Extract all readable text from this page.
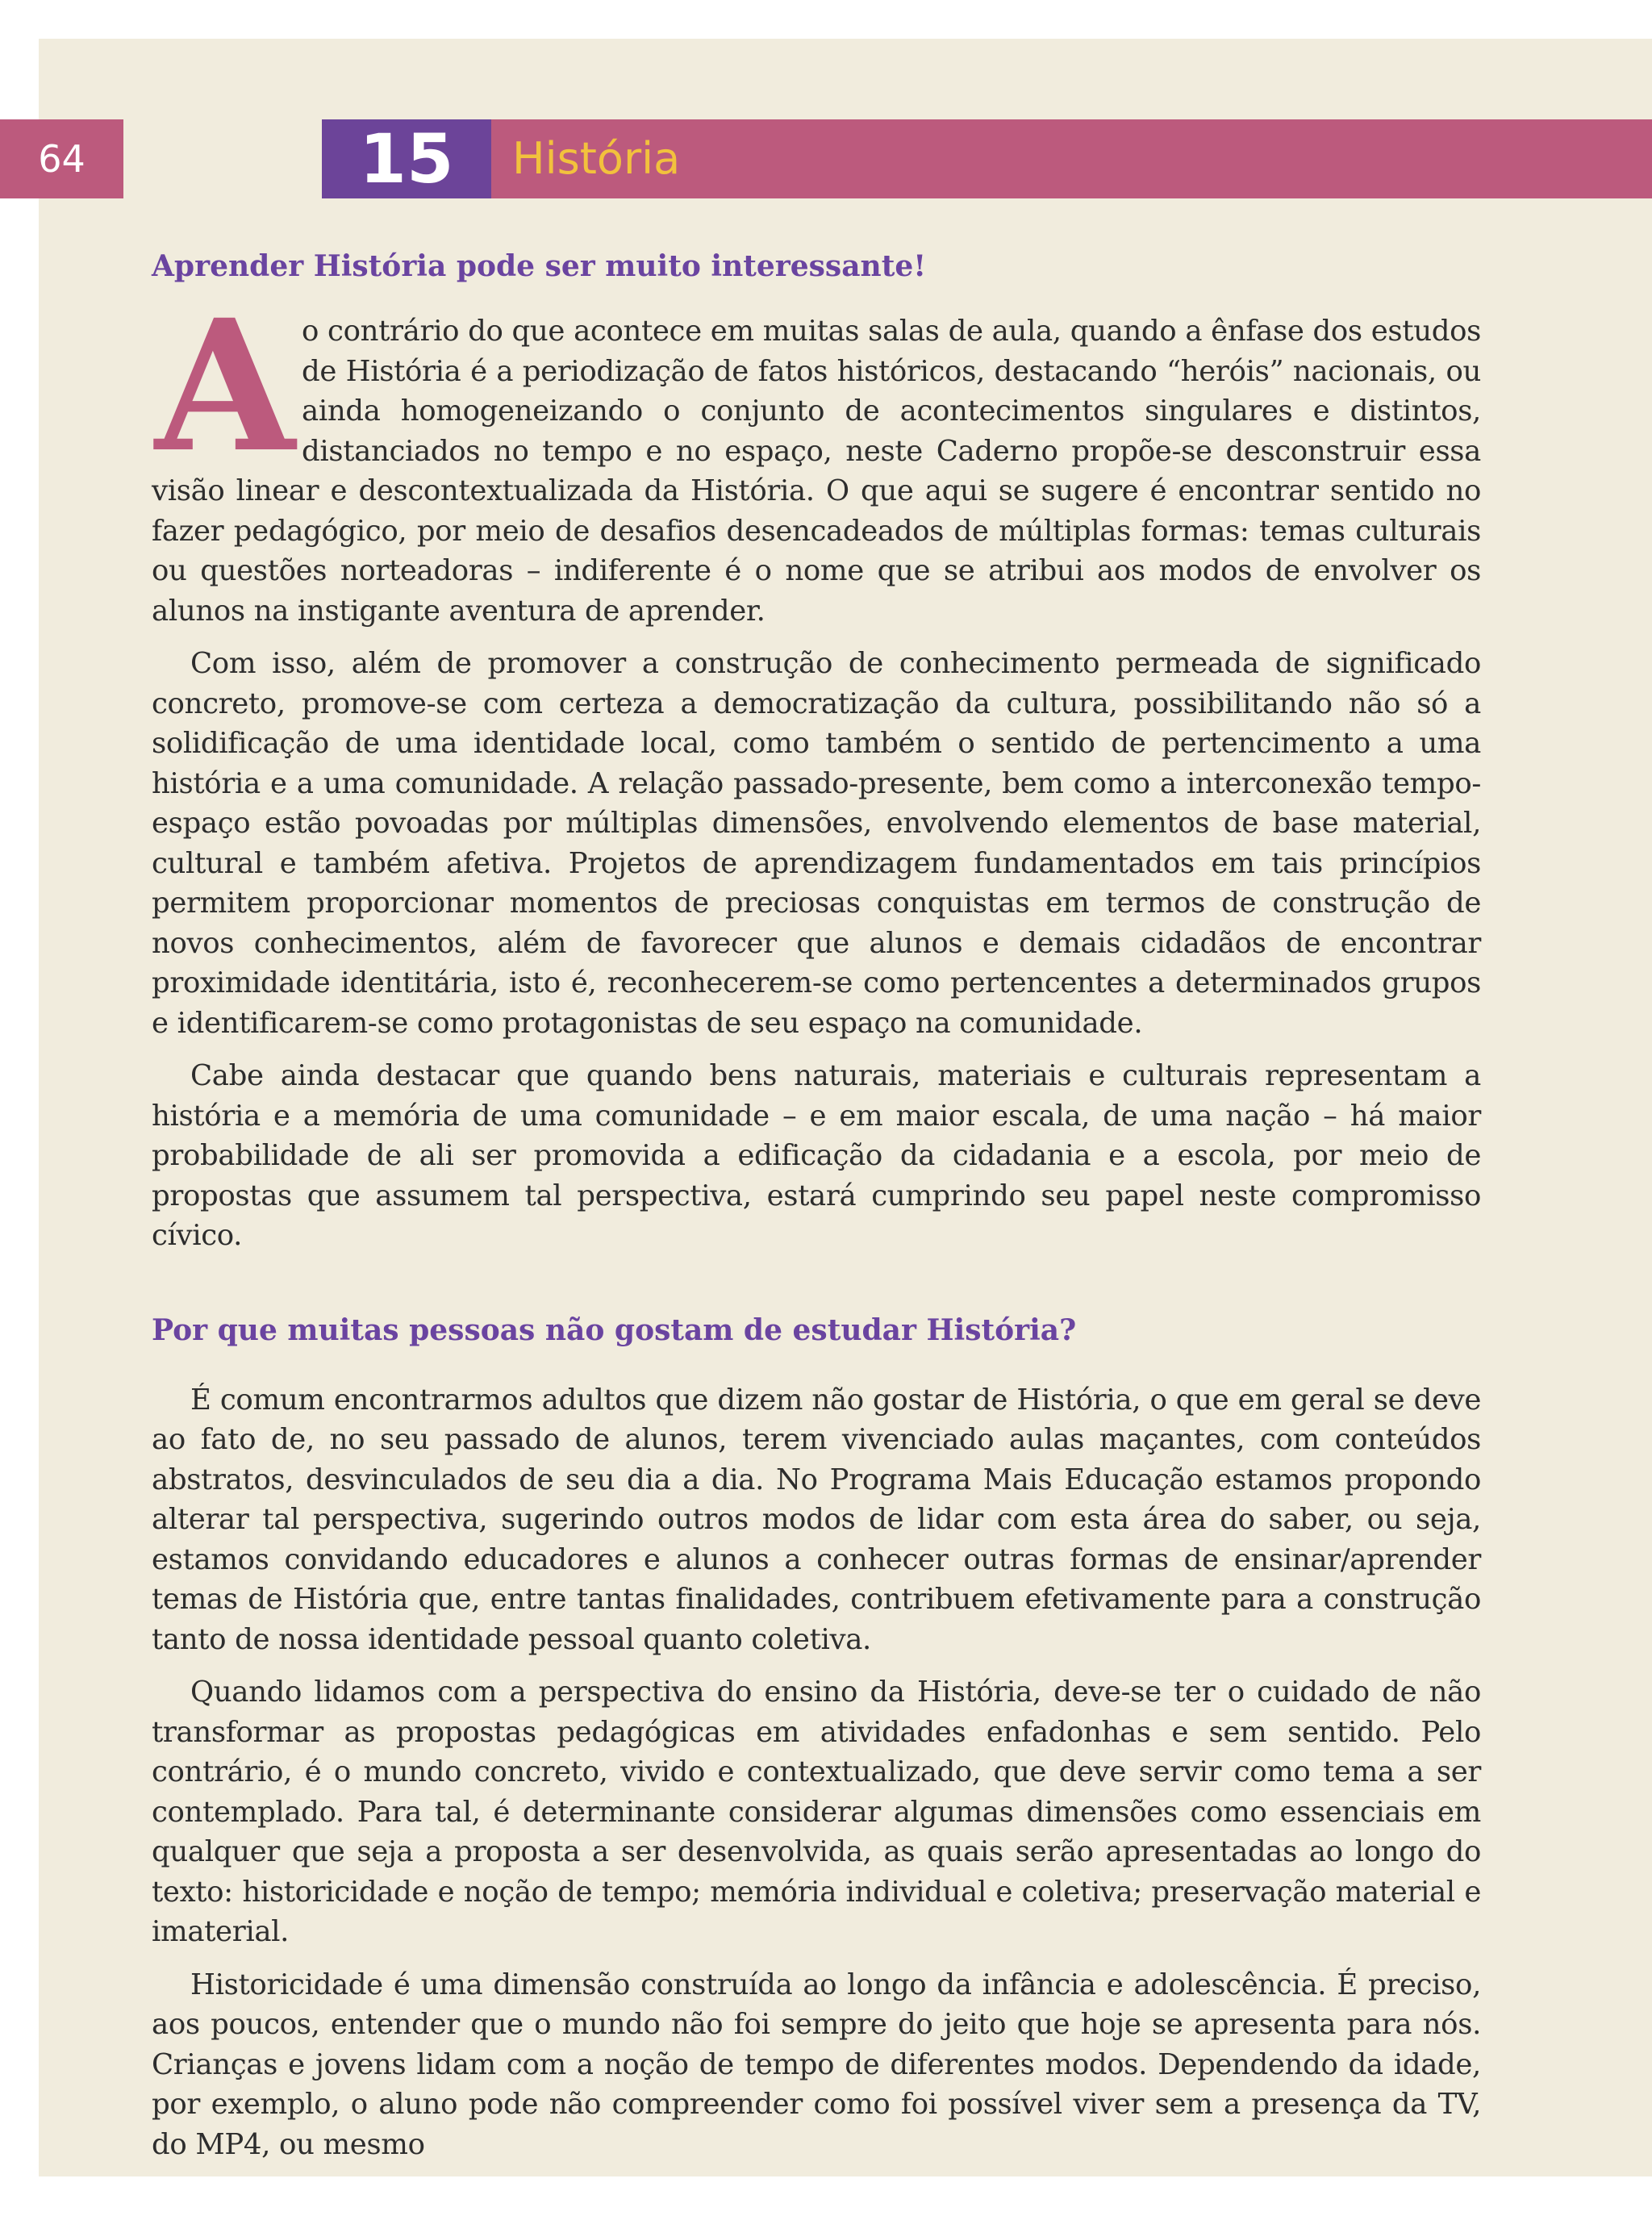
64	15	História
Aprender História pode ser muito interessante!

Ao contrário do que acontece em muitas salas de aula, quando a ênfase dos estudos de História é a periodização de fatos históricos, destacando “heróis” nacionais, ou ainda homogeneizando o conjunto de acontecimentos singulares e distintos, distanciados no tempo e no espaço, neste Caderno propõe-se desconstruir essa visão linear e descontextualizada da História. O que aqui se sugere é encontrar sentido no fazer pedagógico, por meio de desafios desencadeados de múltiplas formas: temas culturais ou questões norteadoras – indiferente é o nome que se atribui aos modos de envolver os alunos na instigante aventura de aprender.

Com isso, além de promover a construção de conhecimento permeada de significado concreto, promove-se com certeza a democratização da cultura, possibilitando não só a solidificação de uma identidade local, como também o sentido de pertencimento a uma história e a uma comunidade. A relação passado-presente, bem como a interconexão tempo-espaço estão povoadas por múltiplas dimensões, envolvendo elementos de base material, cultural e também afetiva. Projetos de aprendizagem fundamentados em tais princípios permitem proporcionar momentos de preciosas conquistas em termos de construção de novos conhecimentos, além de favorecer que alunos e demais cidadãos de encontrar proximidade identitária, isto é, reconhecerem-se como pertencentes a determinados grupos e identificarem-se como protagonistas de seu espaço na comunidade.

Cabe ainda destacar que quando bens naturais, materiais e culturais representam a história e a memória de uma comunidade – e em maior escala, de uma nação – há maior probabilidade de ali ser promovida a edificação da cidadania e a escola, por meio de propostas que assumem tal perspectiva, estará cumprindo seu papel neste compromisso cívico.

Por que muitas pessoas não gostam de estudar História?

É comum encontrarmos adultos que dizem não gostar de História, o que em geral se deve ao fato de, no seu passado de alunos, terem vivenciado aulas maçantes, com conteúdos abstratos, desvinculados de seu dia a dia. No Programa Mais Educação estamos propondo alterar tal perspectiva, sugerindo outros modos de lidar com esta área do saber, ou seja, estamos convidando educadores e alunos a conhecer outras formas de ensinar/aprender temas de História que, entre tantas finalidades, contribuem efetivamente para a construção tanto de nossa identidade pessoal quanto coletiva.

Quando lidamos com a perspectiva do ensino da História, deve-se ter o cuidado de não transformar as propostas pedagógicas em atividades enfadonhas e sem sentido. Pelo contrário, é o mundo concreto, vivido e contextualizado, que deve servir como tema a ser contemplado. Para tal, é determinante considerar algumas dimensões como essenciais em qualquer que seja a proposta a ser desenvolvida, as quais serão apresentadas ao longo do texto: historicidade e noção de tempo; memória individual e coletiva; preservação material e imaterial.

Historicidade é uma dimensão construída ao longo da infância e adolescência. É preciso, aos poucos, entender que o mundo não foi sempre do jeito que hoje se apresenta para nós. Crianças e jovens lidam com a noção de tempo de diferentes modos. Dependendo da idade, por exemplo, o aluno pode não compreender como foi possível viver sem a presença da TV, do MP4, ou mesmo
